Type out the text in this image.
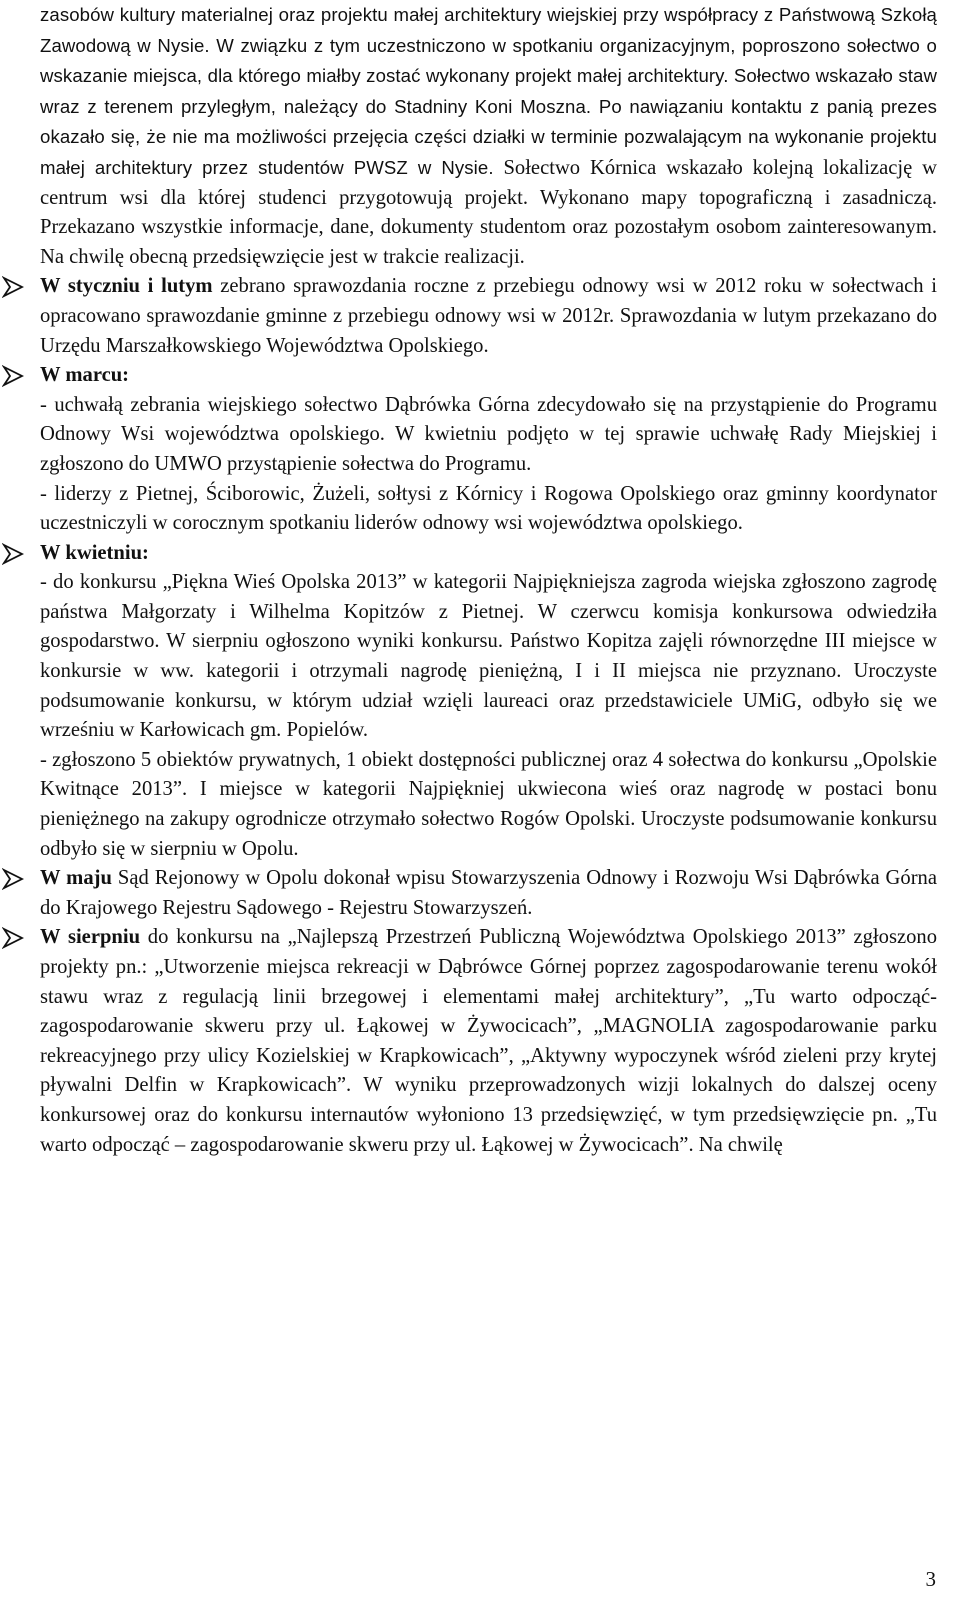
zasobów kultury materialnej oraz projektu małej architektury wiejskiej przy współpracy z Państwową Szkołą Zawodową w Nysie. W związku z tym uczestniczono w spotkaniu organizacyjnym, poproszono sołectwo o wskazanie miejsca, dla którego miałby zostać wykonany projekt małej architektury. Sołectwo wskazało staw wraz z terenem przyległym, należący do Stadniny Koni Moszna. Po nawiązaniu kontaktu z panią prezes okazało się, że nie ma możliwości przejęcia części działki w terminie pozwalającym na wykonanie projektu małej architektury przez studentów PWSZ w Nysie. Sołectwo Kórnica wskazało kolejną lokalizację w centrum wsi dla której studenci przygotowują projekt. Wykonano mapy topograficzną i zasadniczą. Przekazano wszystkie informacje, dane, dokumenty studentom oraz pozostałym osobom zainteresowanym. Na chwilę obecną przedsięwzięcie jest w trakcie realizacji.

W styczniu i lutym zebrano sprawozdania roczne z przebiegu odnowy wsi w 2012 roku w sołectwach i opracowano sprawozdanie gminne z przebiegu odnowy wsi w 2012r. Sprawozdania w lutym przekazano do Urzędu Marszałkowskiego Województwa Opolskiego.
W marcu:
- uchwałą zebrania wiejskiego sołectwo Dąbrówka Górna zdecydowało się na przystąpienie do Programu Odnowy Wsi województwa opolskiego. W kwietniu podjęto w tej sprawie uchwałę Rady Miejskiej i zgłoszono do UMWO przystąpienie sołectwa do Programu.
- liderzy z Pietnej, Ściborowic, Żużeli, sołtysi z Kórnicy i Rogowa Opolskiego oraz gminny koordynator uczestniczyli w corocznym spotkaniu liderów odnowy wsi województwa opolskiego.
W kwietniu:
- do konkursu „Piękna Wieś Opolska 2013” w kategorii Najpiękniejsza zagroda wiejska zgłoszono zagrodę państwa Małgorzaty i Wilhelma Kopitzów z Pietnej. W czerwcu komisja konkursowa odwiedziła gospodarstwo. W sierpniu ogłoszono wyniki konkursu. Państwo Kopitza zajęli równorzędne III miejsce w konkursie w ww. kategorii i otrzymali nagrodę pieniężną, I i II miejsca nie przyznano. Uroczyste podsumowanie konkursu, w którym udział wzięli laureaci oraz przedstawiciele UMiG, odbyło się we wrześniu w Karłowicach gm. Popielów.
- zgłoszono 5 obiektów prywatnych, 1 obiekt dostępności publicznej oraz 4 sołectwa do konkursu „Opolskie Kwitnące 2013”. I miejsce w kategorii Najpiękniej ukwiecona wieś oraz nagrodę w postaci bonu pieniężnego na zakupy ogrodnicze otrzymało sołectwo Rogów Opolski. Uroczyste podsumowanie konkursu odbyło się w sierpniu w Opolu.
W maju Sąd Rejonowy w Opolu dokonał wpisu Stowarzyszenia Odnowy i Rozwoju Wsi Dąbrówka Górna do Krajowego Rejestru Sądowego - Rejestru Stowarzyszeń.
W sierpniu do konkursu na „Najlepszą Przestrzeń Publiczną Województwa Opolskiego 2013” zgłoszono projekty pn.: „Utworzenie miejsca rekreacji w Dąbrówce Górnej poprzez zagospodarowanie terenu wokół stawu wraz z regulacją linii brzegowej i elementami małej architektury”, „Tu warto odpocząć-zagospodarowanie skweru przy ul. Łąkowej w Żywocicach”, „MAGNOLIA zagospodarowanie parku rekreacyjnego przy ulicy Kozielskiej w Krapkowicach”, „Aktywny wypoczynek wśród zieleni przy krytej pływalni Delfin w Krapkowicach”. W wyniku przeprowadzonych wizji lokalnych do dalszej oceny konkursowej oraz do konkursu internautów wyłoniono 13 przedsięwzięć, w tym przedsięwzięcie pn. „Tu warto odpocząć – zagospodarowanie skweru przy ul. Łąkowej w Żywocicach”. Na chwilę
3
